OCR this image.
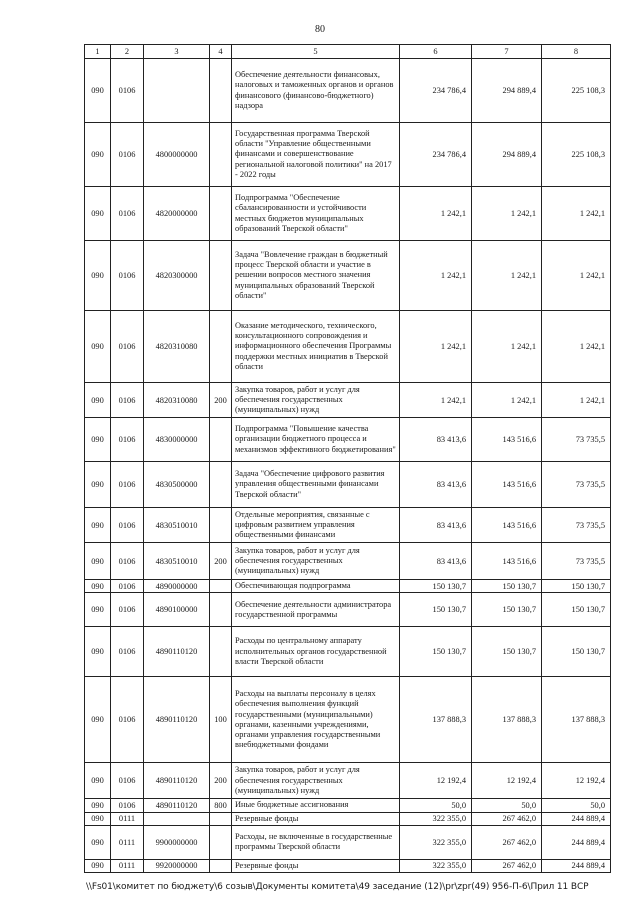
80
1	2	3	4	5	6	7	8
090	0106			Обеспечение деятельности финансовых, налоговых и таможенных органов и органов финансового (финансово-бюджетного) надзора	234 786,4	294 889,4	225 108,3
090	0106	4800000000		Государственная программа Тверской области "Управление общественными финансами и совершенствование региональной налоговой политики" на 2017 - 2022 годы	234 786,4	294 889,4	225 108,3
090	0106	4820000000		Подпрограмма "Обеспечение сбалансированности и устойчивости местных бюджетов муниципальных образований Тверской области"	1 242,1	1 242,1	1 242,1
090	0106	4820300000		Задача "Вовлечение граждан в бюджетный процесс Тверской области и участие в решении вопросов местного значения муниципальных образований Тверской области"	1 242,1	1 242,1	1 242,1
090	0106	4820310080		Оказание методического, технического, консультационного сопровождения и информационного обеспечения Программы поддержки местных инициатив в Тверской области	1 242,1	1 242,1	1 242,1
090	0106	4820310080	200	Закупка товаров, работ и услуг для обеспечения государственных (муниципальных) нужд	1 242,1	1 242,1	1 242,1
090	0106	4830000000		Подпрограмма "Повышение качества организации бюджетного процесса и механизмов эффективного бюджетирования"	83 413,6	143 516,6	73 735,5
090	0106	4830500000		Задача "Обеспечение цифрового развития управления общественными финансами Тверской области"	83 413,6	143 516,6	73 735,5
090	0106	4830510010		Отдельные мероприятия, связанные с цифровым развитием управления общественными финансами	83 413,6	143 516,6	73 735,5
090	0106	4830510010	200	Закупка товаров, работ и услуг для обеспечения государственных (муниципальных) нужд	83 413,6	143 516,6	73 735,5
090	0106	4890000000		Обеспечивающая подпрограмма	150 130,7	150 130,7	150 130,7
090	0106	4890100000		Обеспечение деятельности администратора государственной программы	150 130,7	150 130,7	150 130,7
090	0106	4890110120		Расходы по центральному аппарату исполнительных органов государственной власти Тверской области	150 130,7	150 130,7	150 130,7
090	0106	4890110120	100	Расходы на выплаты персоналу в целях обеспечения выполнения функций государственными (муниципальными) органами, казенными учреждениями, органами управления государственными внебюджетными фондами	137 888,3	137 888,3	137 888,3
090	0106	4890110120	200	Закупка товаров, работ и услуг для обеспечения государственных (муниципальных) нужд	12 192,4	12 192,4	12 192,4
090	0106	4890110120	800	Иные бюджетные ассигнования	50,0	50,0	50,0
090	0111			Резервные фонды	322 355,0	267 462,0	244 889,4
090	0111	9900000000		Расходы, не включенные в государственные программы Тверской области	322 355,0	267 462,0	244 889,4
090	0111	9920000000		Резервные фонды	322 355,0	267 462,0	244 889,4
\\Fs01\комитет по бюджету\6 созыв\Документы комитета\49 заседание (12)\pr\zpr(49) 956-П-6\Прил 11 ВСР
